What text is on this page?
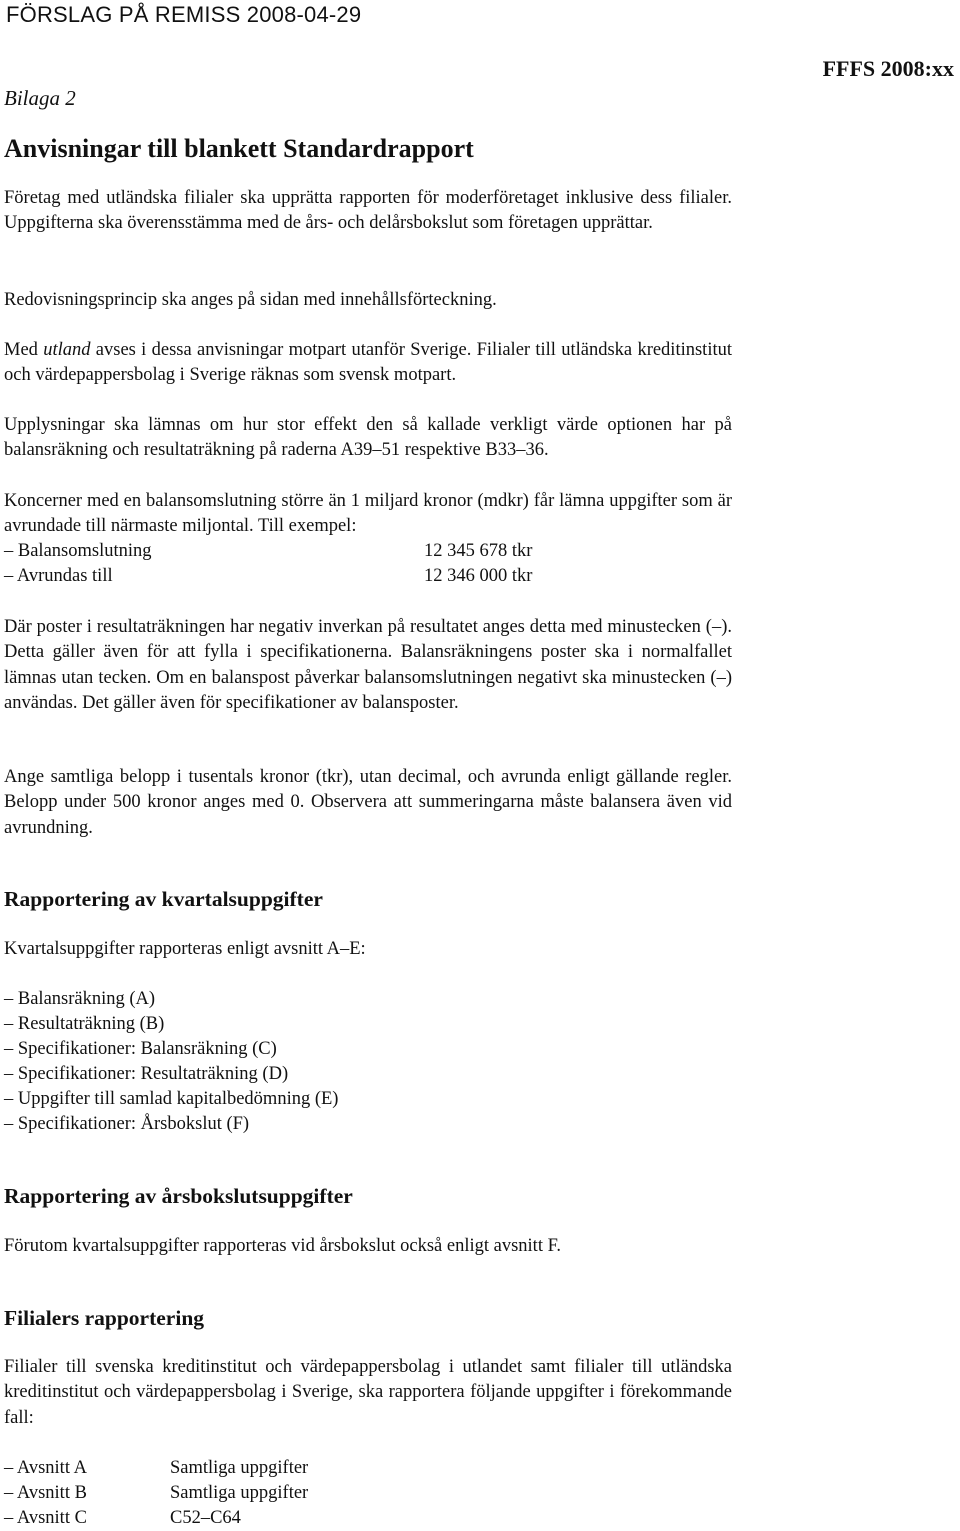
FÖRSLAG PÅ REMISS 2008-04-29
FFFS 2008:xx
Bilaga 2
Anvisningar till blankett Standardrapport
Företag med utländska filialer ska upprätta rapporten för moderföretaget inklusive dess filialer. Uppgifterna ska överensstämma med de års- och delårsbokslut som företagen upprättar.
Redovisningsprincip ska anges på sidan med innehållsförteckning.
Med utland avses i dessa anvisningar motpart utanför Sverige. Filialer till utländska kreditinstitut och värdepappersbolag i Sverige räknas som svensk motpart.
Upplysningar ska lämnas om hur stor effekt den så kallade verkligt värde optionen har på balansräkning och resultaträkning på raderna A39–51 respektive B33–36.
Koncerner med en balansomslutning större än 1 miljard kronor (mdkr) får lämna uppgifter som är avrundade till närmaste miljontal. Till exempel:
– Balansomslutning	12 345 678 tkr
– Avrundas till	12 346 000 tkr
Där poster i resultaträkningen har negativ inverkan på resultatet anges detta med minustecken (–). Detta gäller även för att fylla i specifikationerna. Balansräkningens poster ska i normalfallet lämnas utan tecken. Om en balanspost påverkar balansomslutningen negativt ska minustecken (–) användas. Det gäller även för specifikationer av balansposter.
Ange samtliga belopp i tusentals kronor (tkr), utan decimal, och avrunda enligt gällande regler. Belopp under 500 kronor anges med 0. Observera att summeringarna måste balansera även vid avrundning.
Rapportering av kvartalsuppgifter
Kvartalsuppgifter rapporteras enligt avsnitt A–E:
– Balansräkning (A)
– Resultaträkning (B)
– Specifikationer: Balansräkning (C)
– Specifikationer: Resultaträkning (D)
– Uppgifter till samlad kapitalbedömning (E)
– Specifikationer: Årsbokslut (F)
Rapportering av årsbokslutsuppgifter
Förutom kvartalsuppgifter rapporteras vid årsbokslut också enligt avsnitt F.
Filialers rapportering
Filialer till svenska kreditinstitut och värdepappersbolag i utlandet samt filialer till utländska kreditinstitut och värdepappersbolag i Sverige, ska rapportera följande uppgifter i förekommande fall:
– Avsnitt A	Samtliga uppgifter
– Avsnitt B	Samtliga uppgifter
– Avsnitt C	C52–C64
